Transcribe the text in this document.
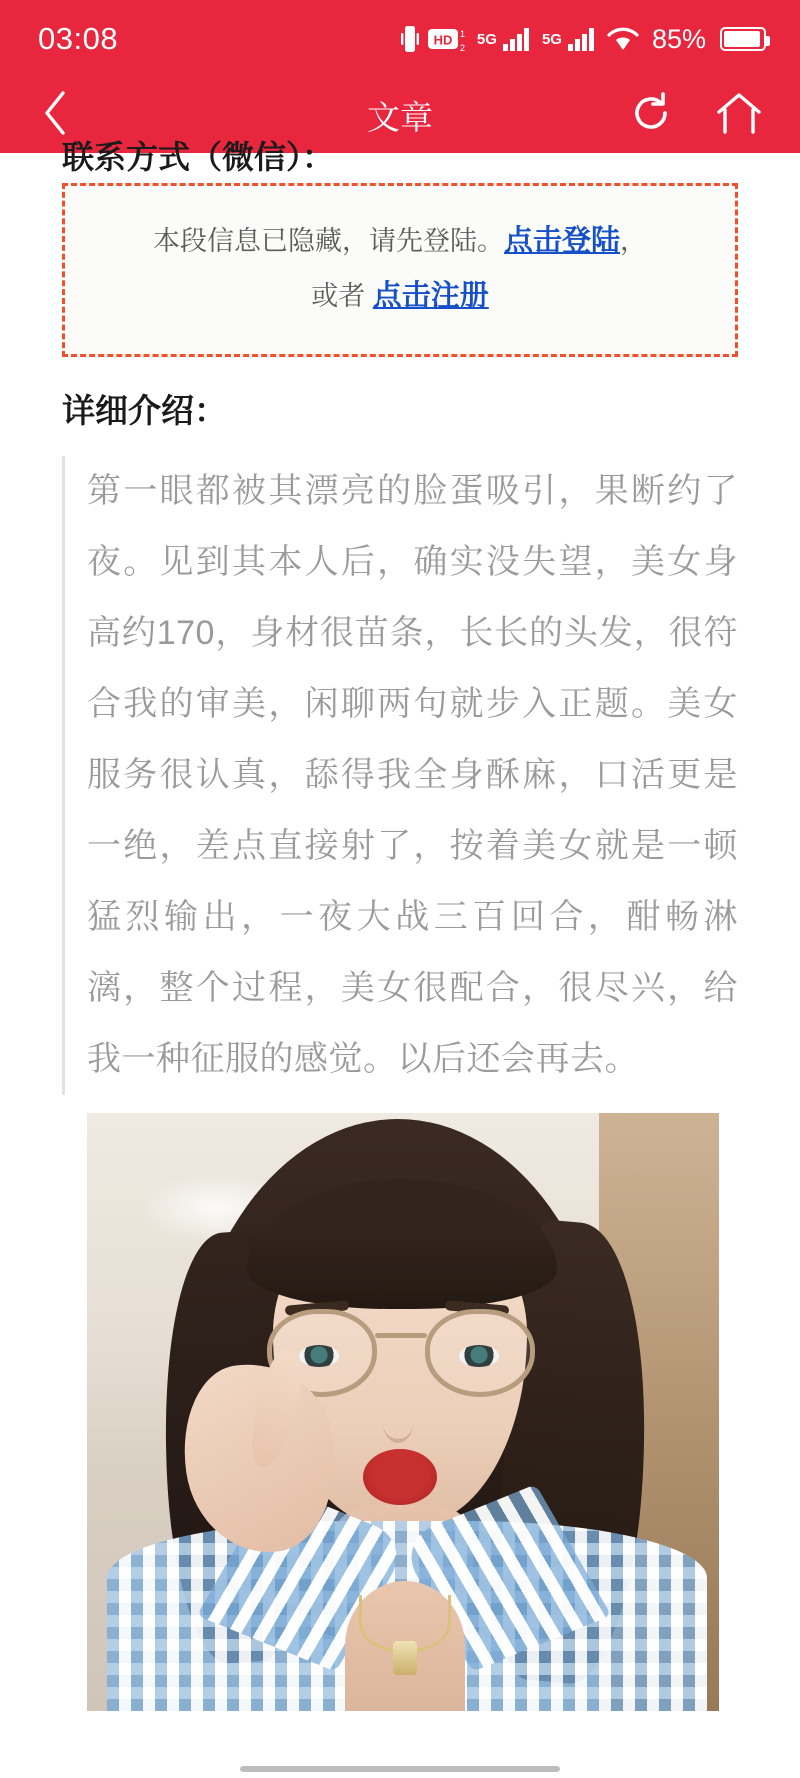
03:08	HD 1
2
5G	5G	85%
文章
联系方式（微信）：
本段信息已隐藏，请先登陆。点击登陆，
或者 点击注册
详细介绍：
第一眼都被其漂亮的脸蛋吸引，果断约了夜。见到其本人后，确实没失望，美女身高约170，身材很苗条，长长的头发，很符合我的审美，闲聊两句就步入正题。美女服务很认真，舔得我全身酥麻，口活更是一绝，差点直接射了，按着美女就是一顿猛烈输出，一夜大战三百回合，酣畅淋漓，整个过程，美女很配合，很尽兴，给我一种征服的感觉。以后还会再去。
